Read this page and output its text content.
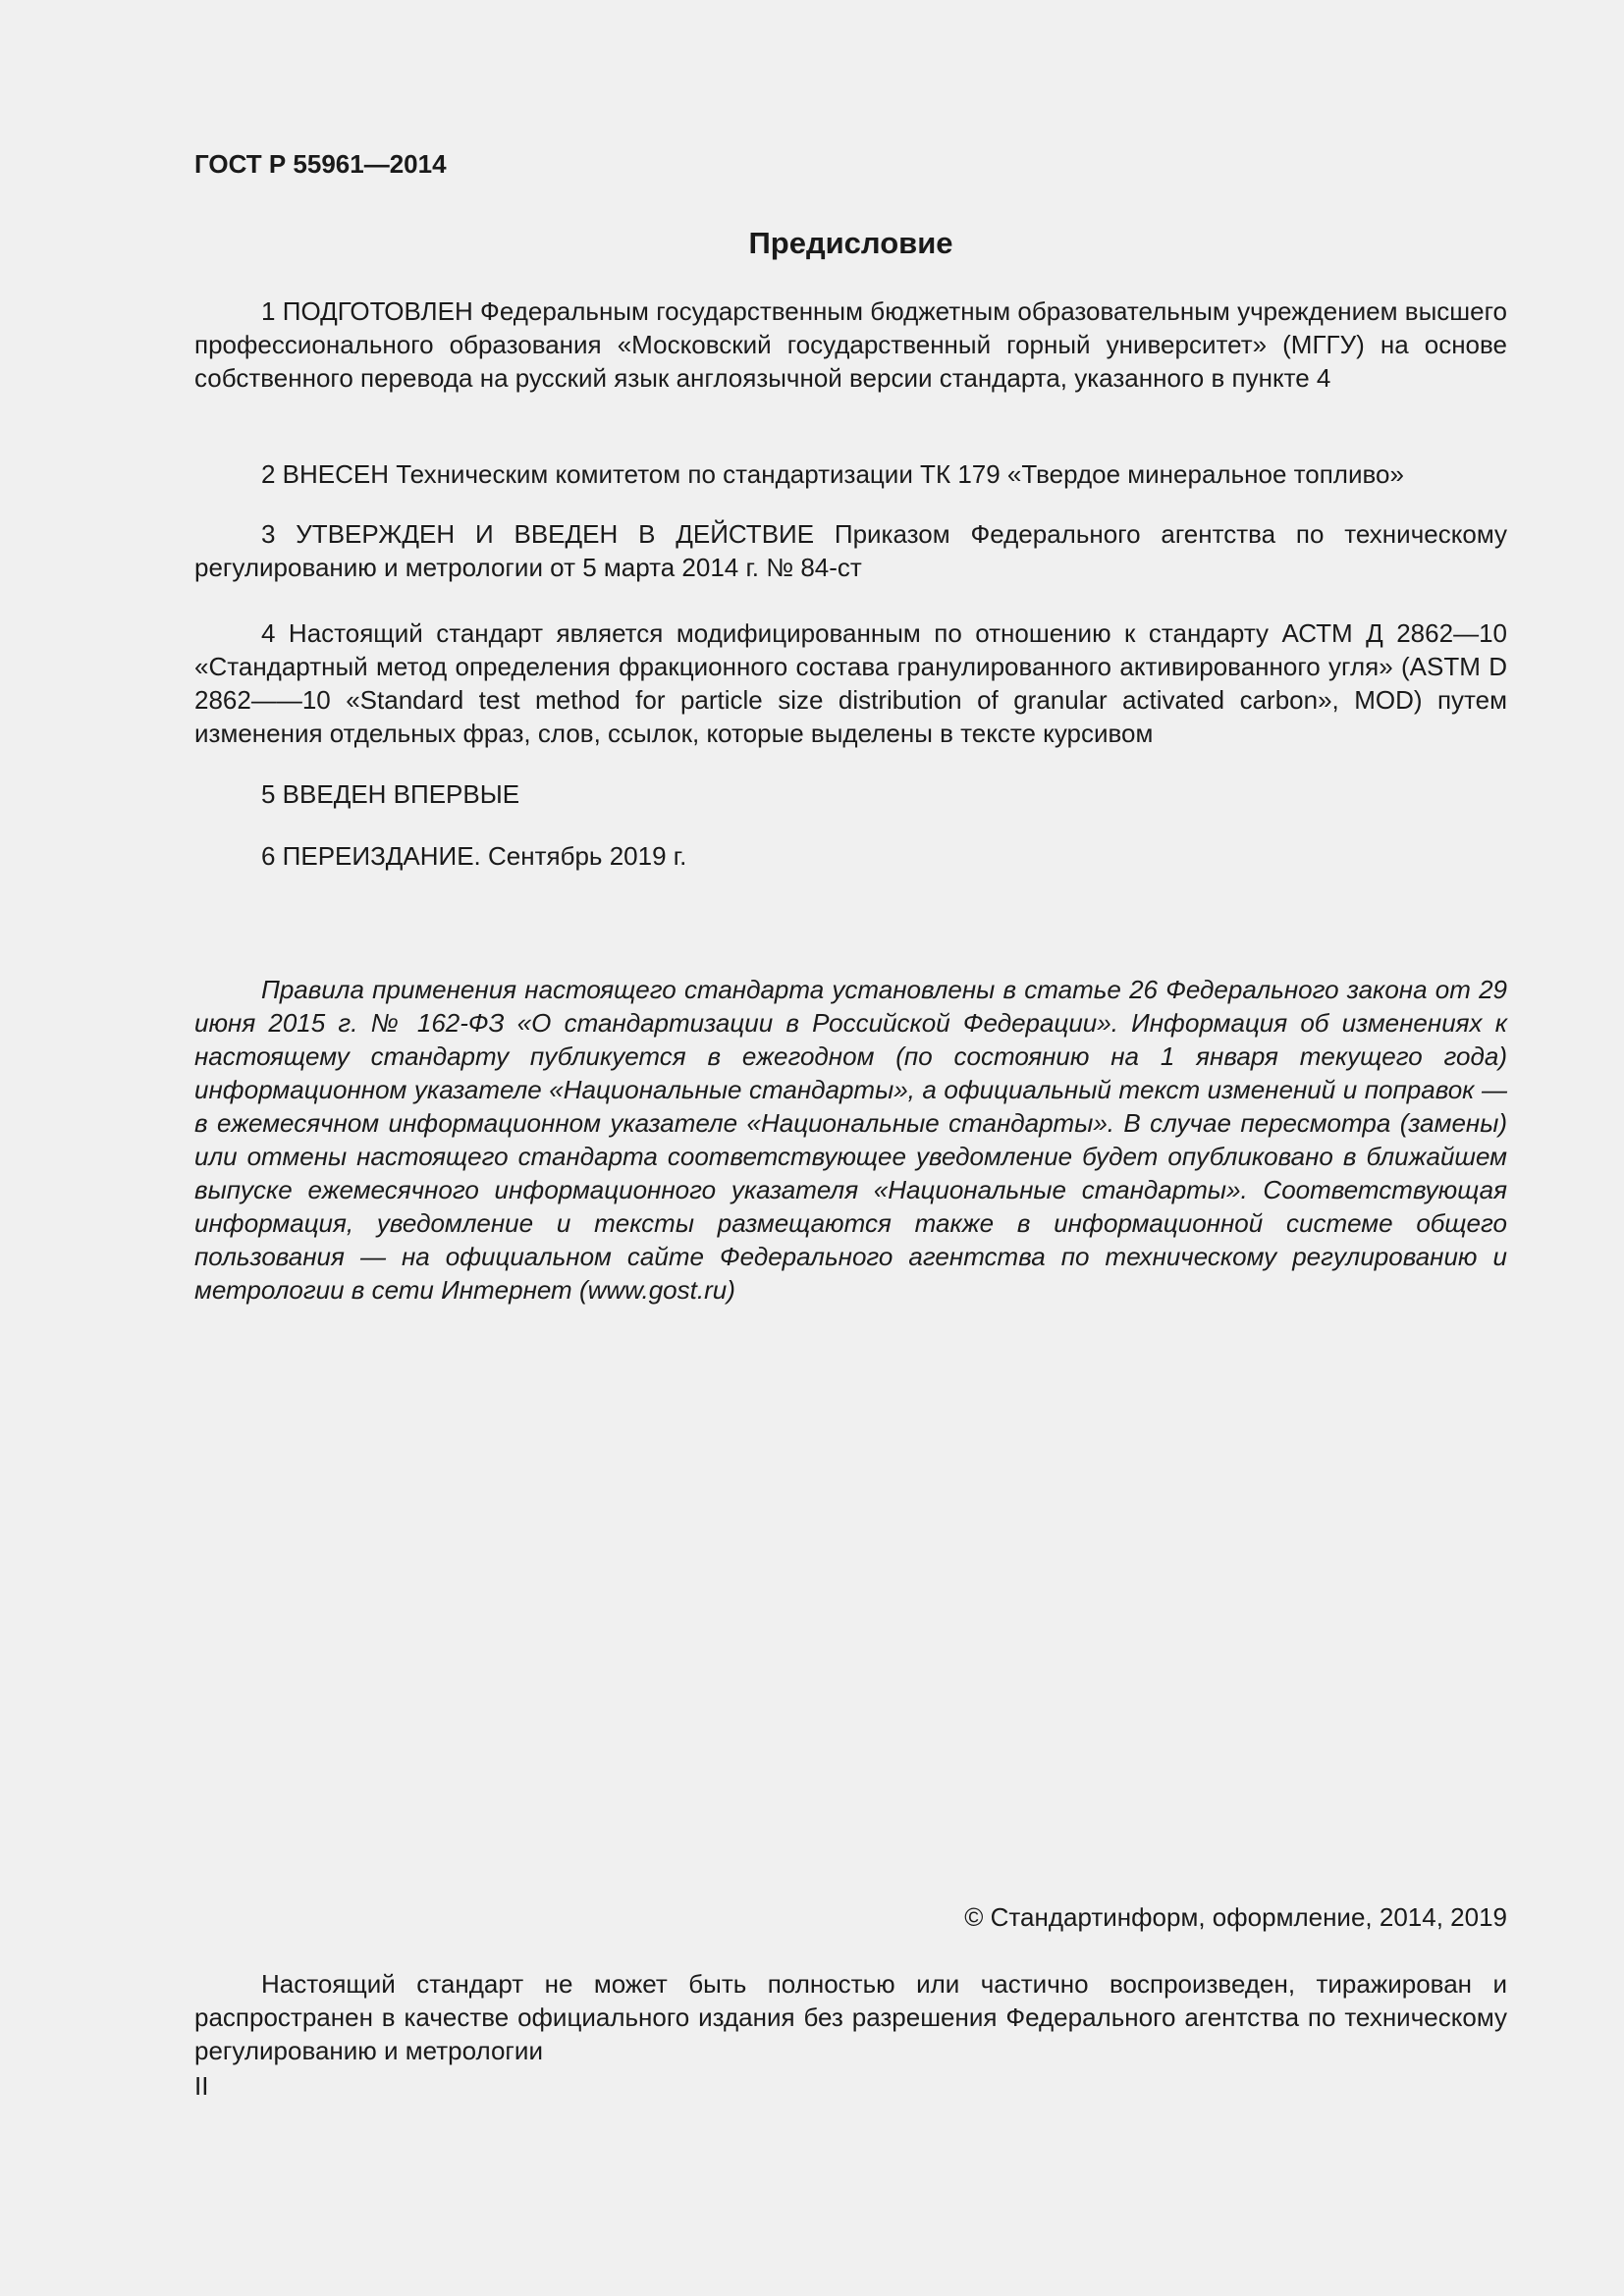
ГОСТ Р 55961—2014
Предисловие

1 ПОДГОТОВЛЕН Федеральным государственным бюджетным образовательным учреждением высшего профессионального образования «Московский государственный горный университет» (МГГУ) на основе собственного перевода на русский язык англоязычной версии стандарта, указанного в пункте 4

2 ВНЕСЕН Техническим комитетом по стандартизации ТК 179 «Твердое минеральное топливо»

3 УТВЕРЖДЕН И ВВЕДЕН В ДЕЙСТВИЕ Приказом Федерального агентства по техническому регулированию и метрологии от 5 марта 2014 г. № 84-ст

4 Настоящий стандарт является модифицированным по отношению к стандарту АСТМ Д 2862—10 «Стандартный метод определения фракционного состава гранулированного активированного угля» (ASTM D 2862——10 «Standard test method for particle size distribution of granular activated carbon», MOD) путем изменения отдельных фраз, слов, ссылок, которые выделены в тексте курсивом

5 ВВЕДЕН ВПЕРВЫЕ

6 ПЕРЕИЗДАНИЕ. Сентябрь 2019 г.

Правила применения настоящего стандарта установлены в статье 26 Федерального закона от 29 июня 2015 г. № 162-ФЗ «О стандартизации в Российской Федерации». Информация об изменениях к настоящему стандарту публикуется в ежегодном (по состоянию на 1 января текущего года) информационном указателе «Национальные стандарты», а официальный текст изменений и поправок — в ежемесячном информационном указателе «Национальные стандарты». В случае пересмотра (замены) или отмены настоящего стандарта соответствующее уведомление будет опубликовано в ближайшем выпуске ежемесячного информационного указателя «Национальные стандарты». Соответствующая информация, уведомление и тексты размещаются также в информационной системе общего пользования — на официальном сайте Федерального агентства по техническому регулированию и метрологии в сети Интернет (www.gost.ru)

© Стандартинформ, оформление, 2014, 2019

Настоящий стандарт не может быть полностью или частично воспроизведен, тиражирован и распространен в качестве официального издания без разрешения Федерального агентства по техническому регулированию и метрологии

II
